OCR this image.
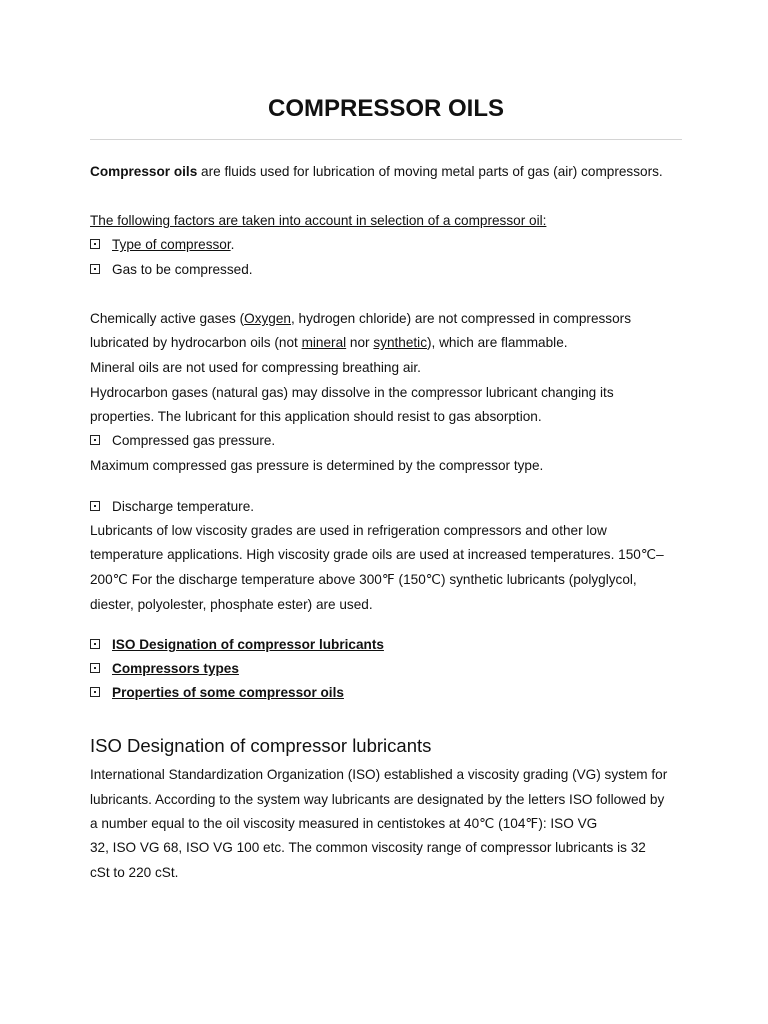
COMPRESSOR OILS
Compressor oils are fluids used for lubrication of moving metal parts of gas (air) compressors.
The following factors are taken into account in selection of a compressor oil:
Type of compressor.
Gas to be compressed.
Chemically active gases (Oxygen, hydrogen chloride) are not compressed in compressors
lubricated by hydrocarbon oils (not mineral nor synthetic), which are flammable.
Mineral oils are not used for compressing breathing air.
Hydrocarbon gases (natural gas) may dissolve in the compressor lubricant changing its
properties. The lubricant for this application should resist to gas absorption.
Compressed gas pressure.
Maximum compressed gas pressure is determined by the compressor type.
Discharge temperature.
Lubricants of low viscosity grades are used in refrigeration compressors and other low
temperature applications. High viscosity grade oils are used at increased temperatures. 150℃–
200℃ For the discharge temperature above 300℉ (150℃) synthetic lubricants (polyglycol,
diester, polyolester, phosphate ester) are used.
ISO Designation of compressor lubricants
Compressors types
Properties of some compressor oils
ISO Designation of compressor lubricants
International Standardization Organization (ISO) established a viscosity grading (VG) system for
lubricants. According to the system way lubricants are designated by the letters ISO followed by
a number equal to the oil viscosity measured in centistokes at 40℃ (104℉): ISO VG
32, ISO VG 68, ISO VG 100 etc. The common viscosity range of compressor lubricants is 32
cSt to 220 cSt.
